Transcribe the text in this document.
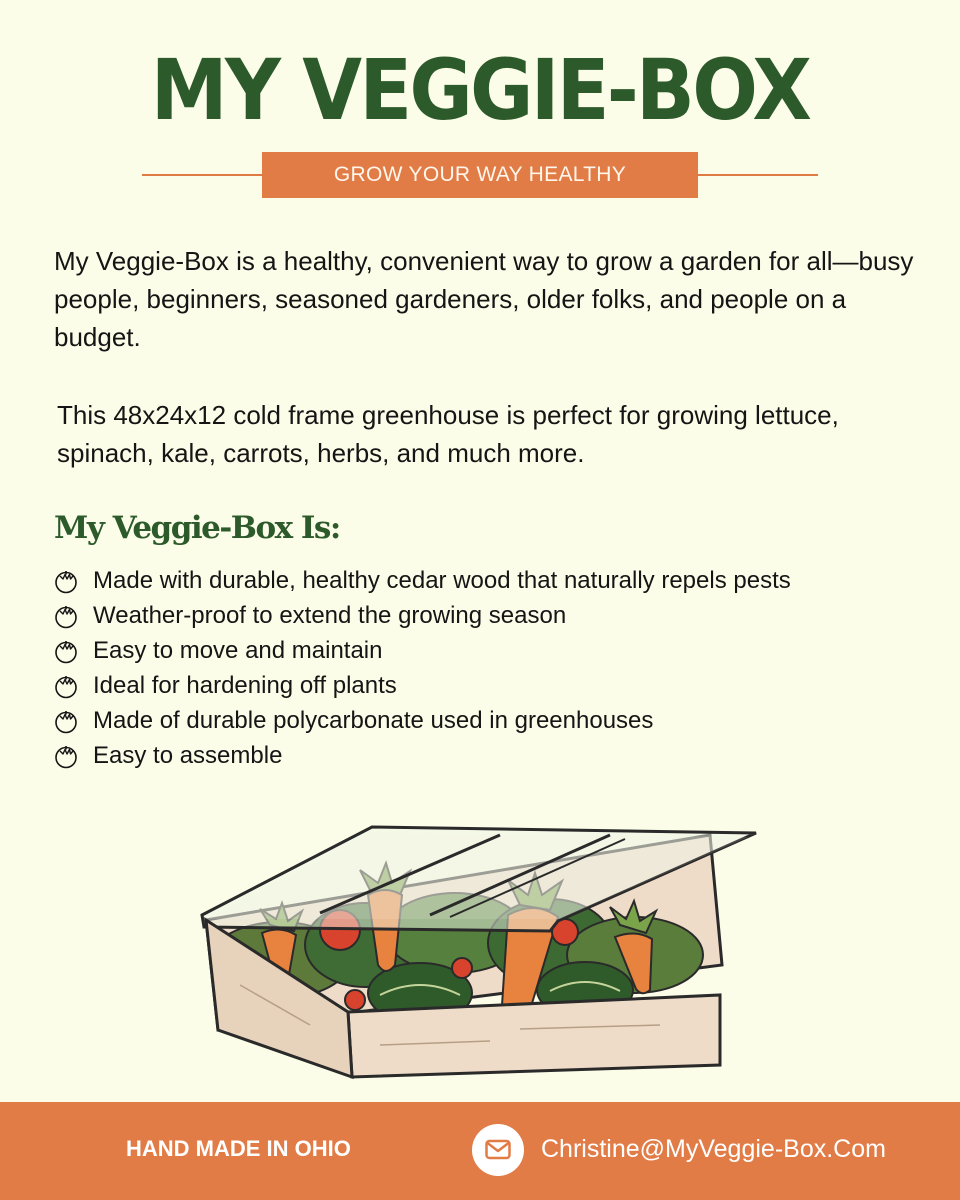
MY VEGGIE-BOX
GROW YOUR WAY HEALTHY
My Veggie-Box is a healthy, convenient way to grow a garden for all—busy people, beginners, seasoned gardeners, older folks, and people on a budget.
This 48x24x12 cold frame greenhouse is perfect for growing lettuce, spinach, kale, carrots, herbs, and much more.
My Veggie-Box Is:
Made with durable, healthy cedar wood that naturally repels pests
Weather-proof to extend the growing season
Easy to move and maintain
Ideal for hardening off plants
Made of durable polycarbonate used in greenhouses
Easy to assemble
HAND MADE IN OHIO	Christine@MyVeggie-Box.Com
